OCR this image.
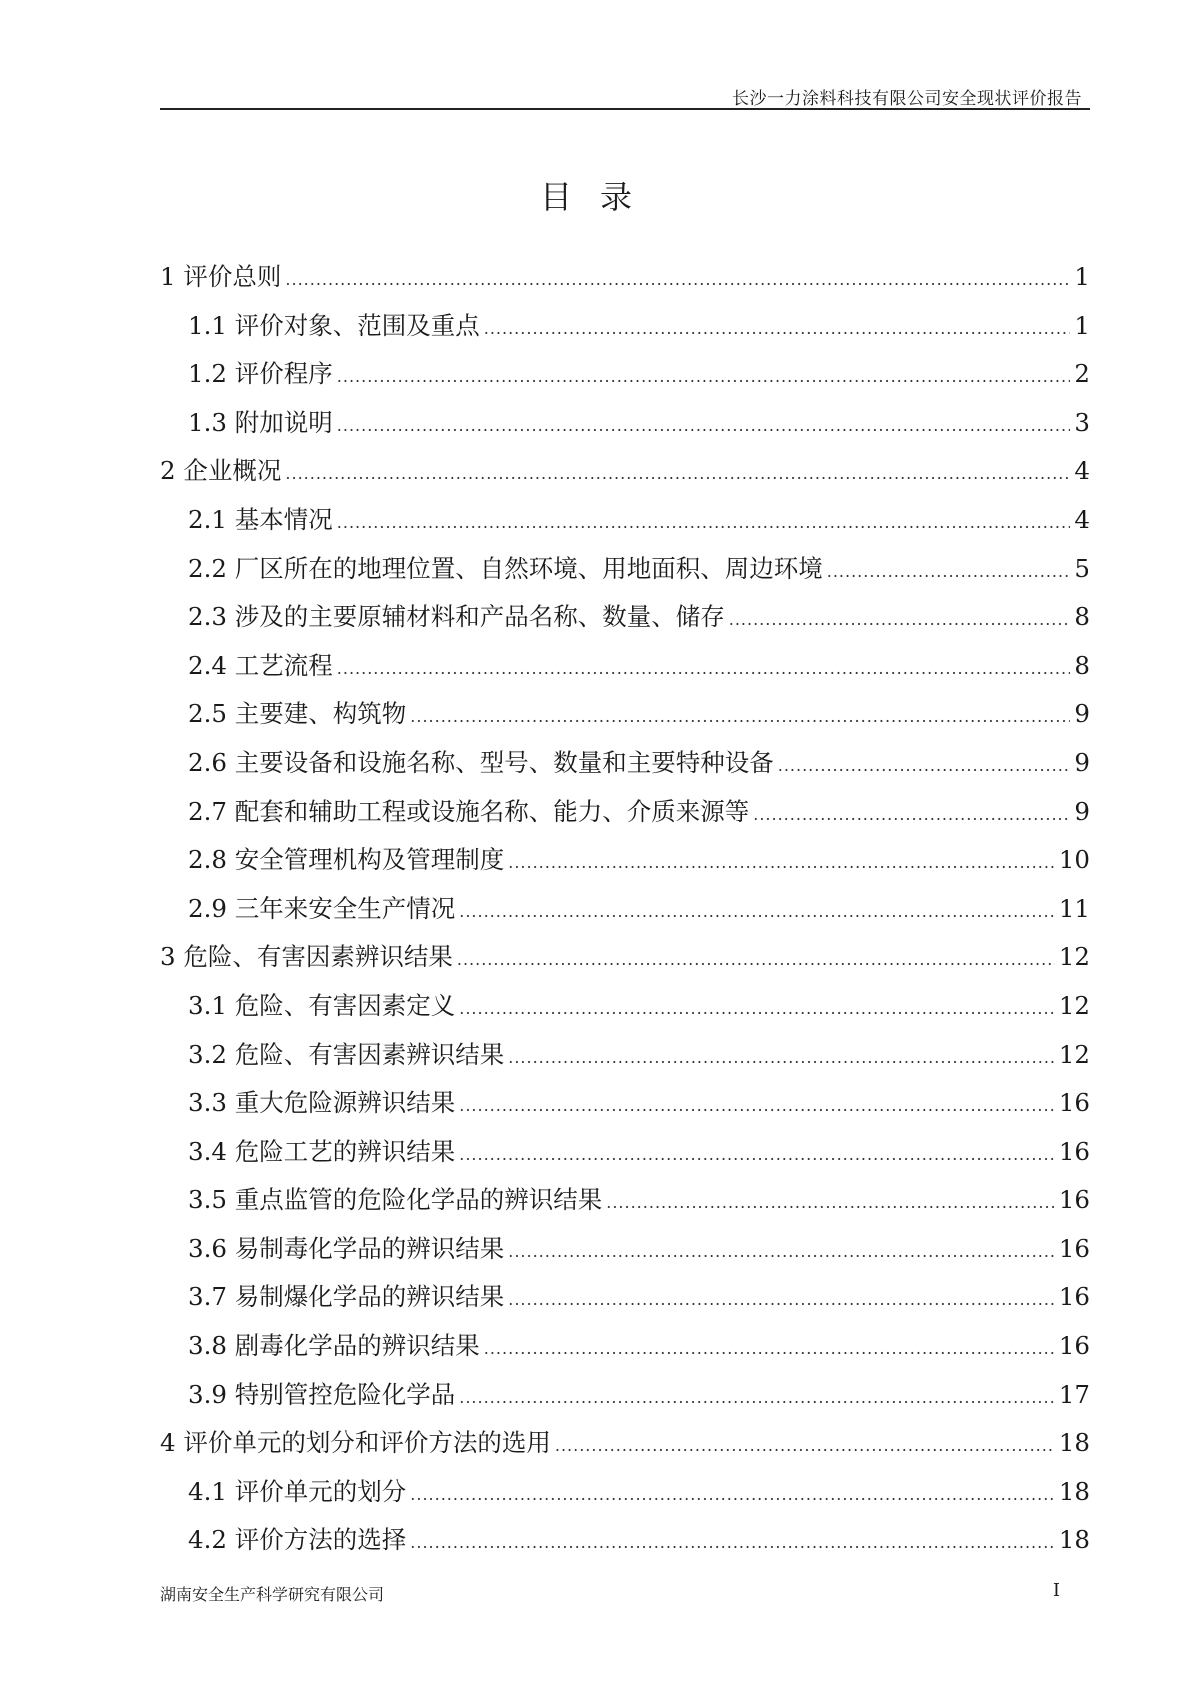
长沙一力涂料科技有限公司安全现状评价报告
目录
1 评价总则 .....	1
1.1 评价对象、范围及重点 .....	1
1.2 评价程序 .....	2
1.3 附加说明 .....	3
2 企业概况 .....	4
2.1 基本情况 .....	4
2.2 厂区所在的地理位置、自然环境、用地面积、周边环境 .....	5
2.3 涉及的主要原辅材料和产品名称、数量、储存 .....	8
2.4 工艺流程 .....	8
2.5 主要建、构筑物 .....	9
2.6 主要设备和设施名称、型号、数量和主要特种设备 .....	9
2.7 配套和辅助工程或设施名称、能力、介质来源等 .....	9
2.8 安全管理机构及管理制度 .....	10
2.9 三年来安全生产情况 .....	11
3 危险、有害因素辨识结果 .....	12
3.1 危险、有害因素定义 .....	12
3.2 危险、有害因素辨识结果 .....	12
3.3 重大危险源辨识结果 .....	16
3.4 危险工艺的辨识结果 .....	16
3.5 重点监管的危险化学品的辨识结果 .....	16
3.6 易制毒化学品的辨识结果 .....	16
3.7 易制爆化学品的辨识结果 .....	16
3.8 剧毒化学品的辨识结果 .....	16
3.9 特别管控危险化学品 .....	17
4 评价单元的划分和评价方法的选用 .....	18
4.1 评价单元的划分 .....	18
4.2 评价方法的选择 .....	18
湖南安全生产科学研究有限公司	I
